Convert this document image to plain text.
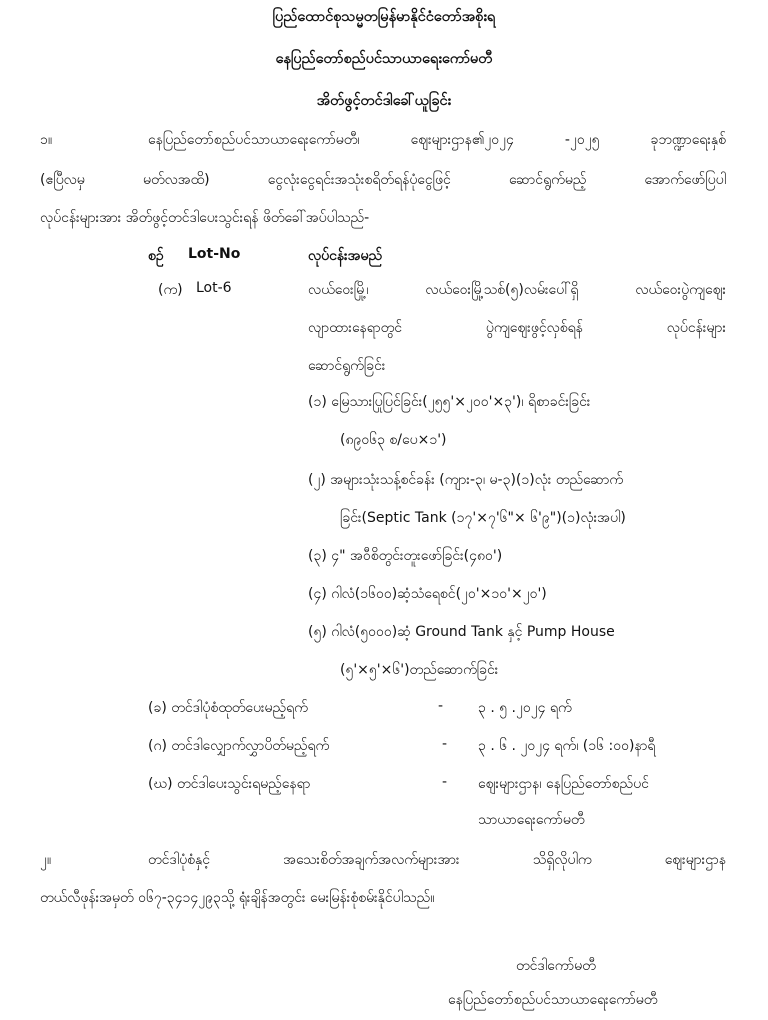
ပြည်ထောင်စုသမ္မတမြန်မာနိုင်ငံတော်အစိုးရ
နေပြည်တော်စည်ပင်သာယာရေးကော်မတီ
အိတ်ဖွင့်တင်ဒါခေါ်ယူခြင်း
၁။	နေပြည်တော်စည်ပင်သာယာရေးကော်မတီ၊ ဈေးများဌာန၏၂၀၂၄ -၂၀၂၅ ခုဘဏ္ဍာရေးနှစ်
(ဧပြီလမှ မတ်လအထိ) ငွေလုံးငွေရင်းအသုံးစရိတ်ရန်ပုံငွေဖြင့် ဆောင်ရွက်မည့် အောက်ဖော်ပြပါ
လုပ်ငန်းများအား အိတ်ဖွင့်တင်ဒါပေးသွင်းရန် ဖိတ်ခေါ်အပ်ပါသည်-
စဉ် Lot-No	လုပ်ငန်းအမည်
(က) Lot-6	လယ်ဝေးမြို့၊ လယ်ဝေးမြို့သစ်(၅)လမ်းပေါ်ရှိ လယ်ဝေးပွဲကျဈေး
လျာထားနေရာတွင် ပွဲကျဈေးဖွင့်လှစ်ရန် လုပ်ငန်းများ
ဆောင်ရွက်ခြင်း
(၁) မြေသားပြုပြင်ခြင်း(၂၅၅'×၂၀၀'×၃')၊ ရိစာခင်းခြင်း
(၈၉၀၆၃ စ/ပေ×၁')
(၂) အများသုံးသန့်စင်ခန်း (ကျား-၃၊ မ-၃)(၁)လုံး တည်ဆောက်
ခြင်း(Septic Tank (၁၇'×၇'၆"× ၆'၉")(၁)လုံးအပါ)
(၃) ၄" အဝီစိတွင်းတူးဖော်ခြင်း(၄၈၀')
(၄) ဂါလံ(၁၆၀၀)ဆံ့သံရေစင်(၂၀'×၁၀'×၂၀')
(၅) ဂါလံ(၅၀၀၀)ဆံ့ Ground Tank နှင့် Pump House
(၅'×၅'×၆')တည်ဆောက်ခြင်း
(ခ) တင်ဒါပုံစံထုတ်ပေးမည့်ရက်	- ၃ . ၅ .၂၀၂၄ ရက်
(ဂ) တင်ဒါလျှောက်လွှာပိတ်မည့်ရက်	- ၃ . ၆ . ၂၀၂၄ ရက်၊ (၁၆ :၀၀)နာရီ
(ဃ) တင်ဒါပေးသွင်းရမည့်နေရာ	- ဈေးများဌာန၊ နေပြည်တော်စည်ပင်
သာယာရေးကော်မတီ
၂။	တင်ဒါပုံစံနှင့် အသေးစိတ်အချက်အလက်များအား သိရှိလိုပါက ဈေးများဌာန
တယ်လီဖုန်းအမှတ် ၀၆၇-၃၄၁၄၂၉၃သို့ ရုံးချိန်အတွင်း မေးမြန်းစုံစမ်းနိုင်ပါသည်။
တင်ဒါကော်မတီ
နေပြည်တော်စည်ပင်သာယာရေးကော်မတီ
